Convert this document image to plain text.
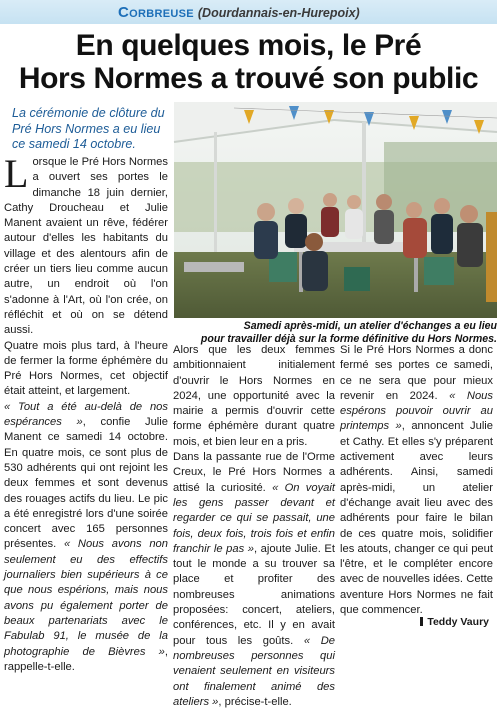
Corbreuse (Dourdannais-en-Hurepoix)
En quelques mois, le Pré
Hors Normes a trouvé son public
La cérémonie de clôture du Pré Hors Normes a eu lieu ce samedi 14 octobre.
Samedi après-midi, un atelier d'échanges a eu lieu
pour travailler déjà sur la forme définitive du Hors Normes.

Lorsque le Pré Hors Normes a ouvert ses portes le dimanche 18 juin dernier, Cathy Droucheau et Julie Manent avaient un rêve, fédérer autour d'elles les habitants du village et des alentours afin de créer un tiers lieu comme aucun autre, un endroit où l'on s'adonne à l'Art, où l'on crée, on réfléchit et où on se détend aussi.

Quatre mois plus tard, à l'heure de fermer la forme éphémère du Pré Hors Normes, cet objectif était atteint, et largement.

« Tout a été au-delà de nos espérances », confie Julie Manent ce samedi 14 octobre. En quatre mois, ce sont plus de 530 adhérents qui ont rejoint les deux femmes et sont devenus des rouages actifs du lieu. Le pic a été enregistré lors d'une soirée concert avec 165 personnes présentes. « Nous avons non seulement eu des effectifs journaliers bien supérieurs à ce que nous espérions, mais nous avons pu également porter de beaux partenariats avec le Fabulab 91, le musée de la photographie de Bièvres », rappelle-t-elle.

Alors que les deux femmes ambitionnaient initialement d'ouvrir le Hors Normes en 2024, une opportunité avec la mairie a permis d'ouvrir cette forme éphémère durant quatre mois, et bien leur en a pris.

Dans la passante rue de l'Orme Creux, le Pré Hors Normes a attisé la curiosité. « On voyait les gens passer devant et regarder ce qui se passait, une fois, deux fois, trois fois et enfin franchir le pas », ajoute Julie. Et tout le monde a su trouver sa place et profiter des nombreuses animations proposées: concert, ateliers, conférences, etc. Il y en avait pour tous les goûts. « De nombreuses personnes qui venaient seulement en visiteurs ont finalement animé des ateliers », précise-t-elle.

Si le Pré Hors Normes a donc fermé ses portes ce samedi, ce ne sera que pour mieux revenir en 2024. « Nous espérons pouvoir ouvrir au printemps », annoncent Julie et Cathy. Et elles s'y préparent activement avec leurs adhérents. Ainsi, samedi après-midi, un atelier d'échange avait lieu avec des adhérents pour faire le bilan de ces quatre mois, solidifier les atouts, changer ce qui peut l'être, et le compléter encore avec de nouvelles idées. Cette aventure Hors Normes ne fait que commencer.

Teddy Vaury
